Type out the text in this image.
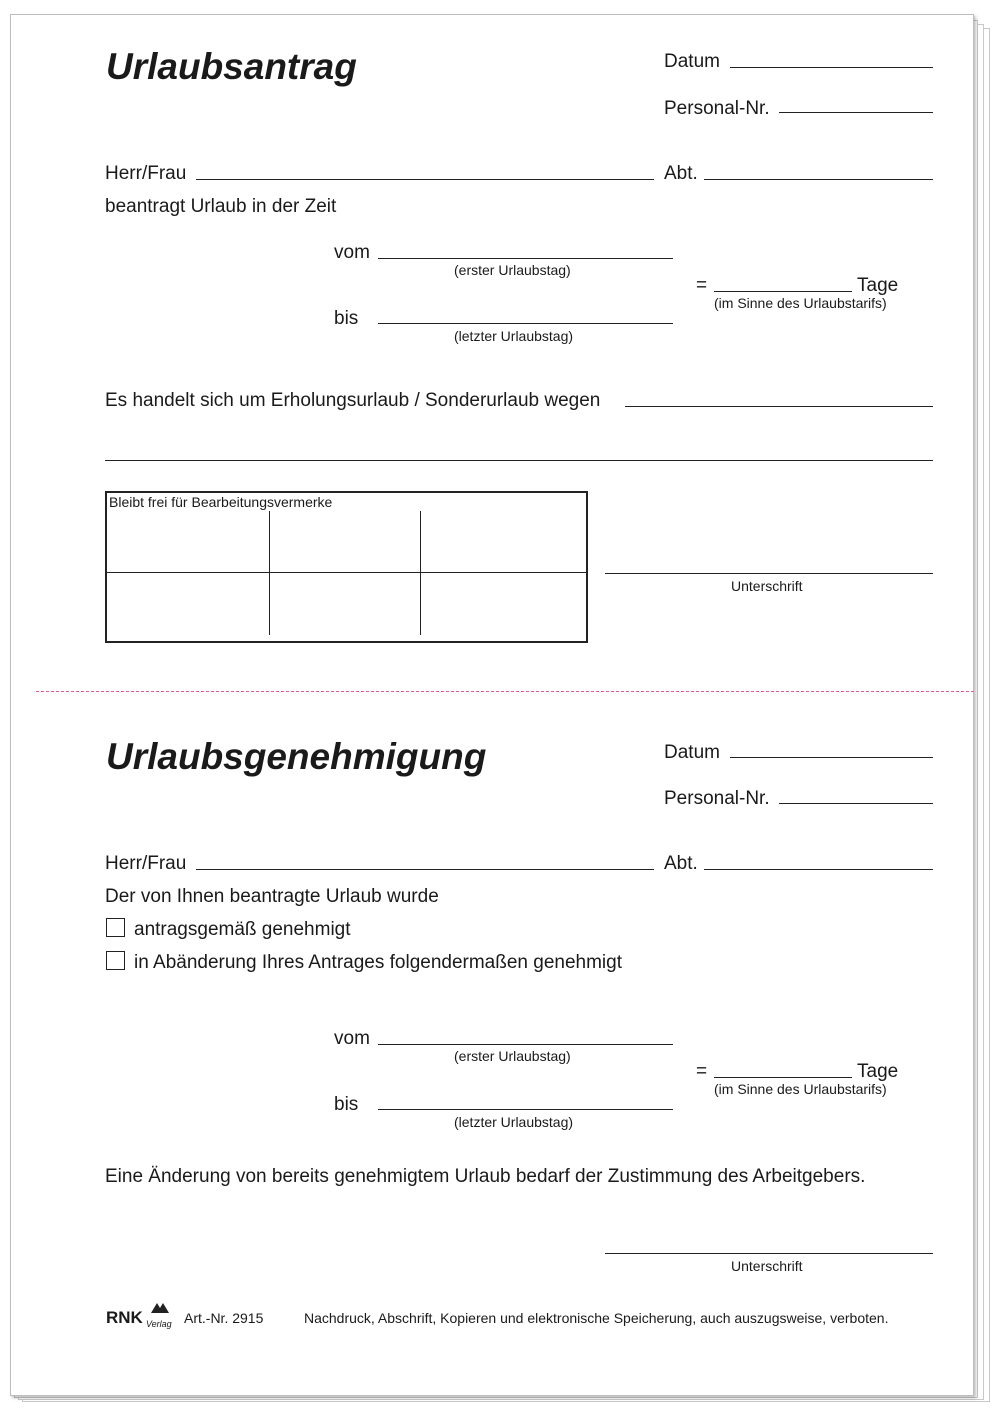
Urlaubsantrag	Datum
Personal-Nr.
Herr/Frau	Abt.
beantragt Urlaub in der Zeit
vom
(erster Urlaubstag)
=	Tage
(im Sinne des Urlaubstarifs)
bis
(letzter Urlaubstag)
Es handelt sich um Erholungsurlaub / Sonderurlaub wegen
Bleibt frei für Bearbeitungsvermerke
Unterschrift
Urlaubsgenehmigung	Datum
Personal-Nr.
Herr/Frau	Abt.
Der von Ihnen beantragte Urlaub wurde
antragsgemäß genehmigt
in Abänderung Ihres Antrages folgendermaßen genehmigt
vom
(erster Urlaubstag)
=	Tage
(im Sinne des Urlaubstarifs)
bis
(letzter Urlaubstag)
Eine Änderung von bereits genehmigtem Urlaub bedarf der Zustimmung des Arbeitgebers.
Unterschrift
RNK Verlag Art.-Nr. 2915	Nachdruck, Abschrift, Kopieren und elektronische Speicherung, auch auszugsweise, verboten.
